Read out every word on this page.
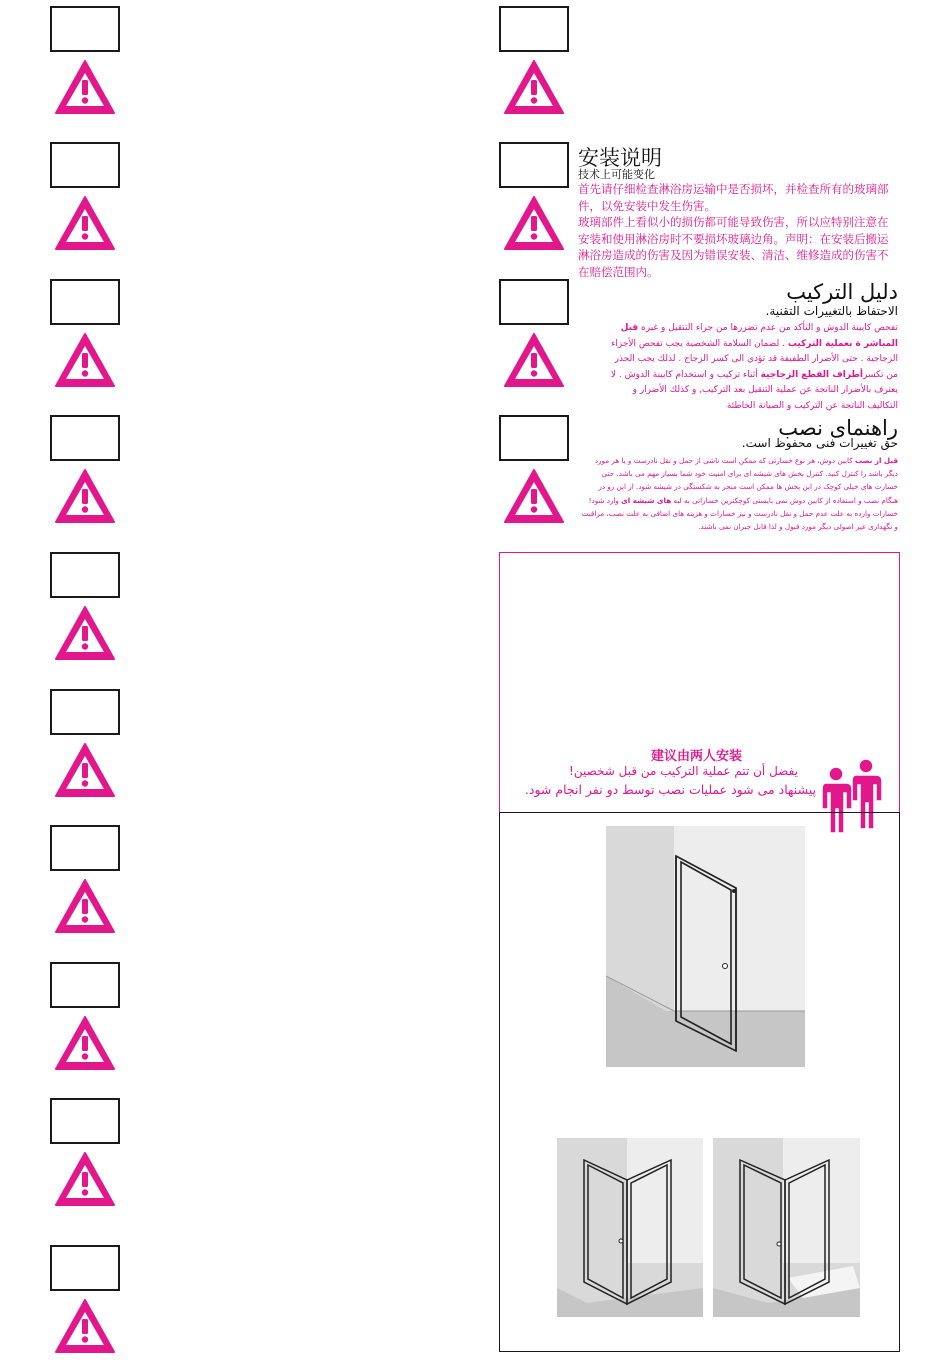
安装说明
技术上可能变化
首先请仔细检查淋浴房运输中是否损坏，并检查所有的玻璃部件，以免安装中发生伤害。
玻璃部件上看似小的损伤都可能导致伤害，所以应特别注意在安装和使用淋浴房时不要损坏玻璃边角。声明：在安装后搬运淋浴房造成的伤害及因为错误安装、清洁、维修造成的伤害不在赔偿范围内。
دليل التركيب
الاحتفاظ بالتغييرات التقنية.
تفحص كابينة الدوش و التأكد من عدم تضررها من جراء التنقيل و غيره قبل
المباشر ة بعملية التركيب . لضمان السلامة الشخصية يجب تفحص الأجزاء
الزجاجية . حتى الأضرار الطفيفة قد تؤدي الى كسر الزجاج . لذلك يجب الحذر
من تكسرأطراف القطع الزجاجية أثناء تركيب و استخدام كابينة الدوش . لا
يعترف بالأضرار الناتجة عن عملية التنقيل بعد التركيب, و كذلك الأضرار و
التكاليف الناتجة عن التركيب و الصيانة الخاطئة
راهنمای نصب
حق تغییرات فنی محفوظ است.
قبل از نصب کابین دوش، هر نوع خسارتی که ممکن است ناشی از حمل و نقل نادرست و یا هر مورد دیگر باشد را کنترل کنید. کنترل بخش های شیشه ای برای امنیت خود شما بسیار مهم می باشد. حتی خسارت های خیلی کوچک در این بخش ها ممکن است منجر به شکستگی در شیشه شود. از این رو در هنگام نصب و استفاده از کابین دوش نمی بایستی کوچکترین خساراتی به لبه های شیشه ای وارد شود! خسارات وارده به علت عدم حمل و نقل نادرست و نیز خسارات و هزینه های اضافی به علت نصب، مراقبت و نگهداری غیر اصولی دیگر مورد قبول و لذا قابل جبران نمی باشند.
建议由两人安装
يفضل أن تتم عملية التركيب من قبل شخصين!
پیشنهاد می شود عملیات نصب توسط دو نفر انجام شود.
